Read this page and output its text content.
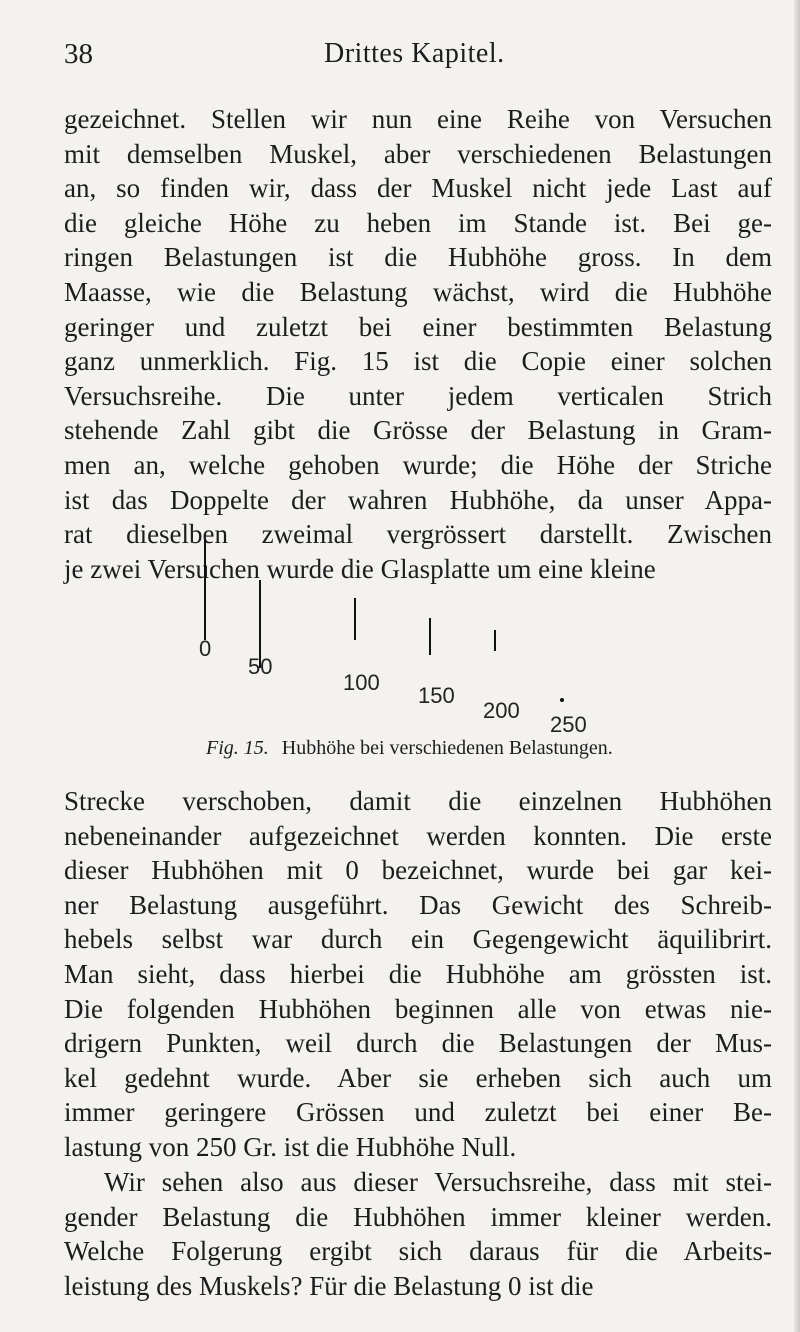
38	Drittes Kapitel.
gezeichnet. Stellen wir nun eine Reihe von Versuchen
mit demselben Muskel, aber verschiedenen Belastungen
an, so finden wir, dass der Muskel nicht jede Last auf
die gleiche Höhe zu heben im Stande ist. Bei ge-
ringen Belastungen ist die Hubhöhe gross. In dem
Maasse, wie die Belastung wächst, wird die Hubhöhe
geringer und zuletzt bei einer bestimmten Belastung
ganz unmerklich. Fig. 15 ist die Copie einer solchen
Versuchsreihe. Die unter jedem verticalen Strich
stehende Zahl gibt die Grösse der Belastung in Gram-
men an, welche gehoben wurde; die Höhe der Striche
ist das Doppelte der wahren Hubhöhe, da unser Appa-
rat dieselben zweimal vergrössert darstellt. Zwischen
je zwei Versuchen wurde die Glasplatte um eine kleine
0
50
100
150
200
250
Fig. 15. Hubhöhe bei verschiedenen Belastungen.
Strecke verschoben, damit die einzelnen Hubhöhen
nebeneinander aufgezeichnet werden konnten. Die erste
dieser Hubhöhen mit 0 bezeichnet, wurde bei gar kei-
ner Belastung ausgeführt. Das Gewicht des Schreib-
hebels selbst war durch ein Gegengewicht äquilibrirt.
Man sieht, dass hierbei die Hubhöhe am grössten ist.
Die folgenden Hubhöhen beginnen alle von etwas nie-
drigern Punkten, weil durch die Belastungen der Mus-
kel gedehnt wurde. Aber sie erheben sich auch um
immer geringere Grössen und zuletzt bei einer Be-
lastung von 250 Gr. ist die Hubhöhe Null.
Wir sehen also aus dieser Versuchsreihe, dass mit stei-
gender Belastung die Hubhöhen immer kleiner werden.
Welche Folgerung ergibt sich daraus für die Arbeits-
leistung des Muskels? Für die Belastung 0 ist die
